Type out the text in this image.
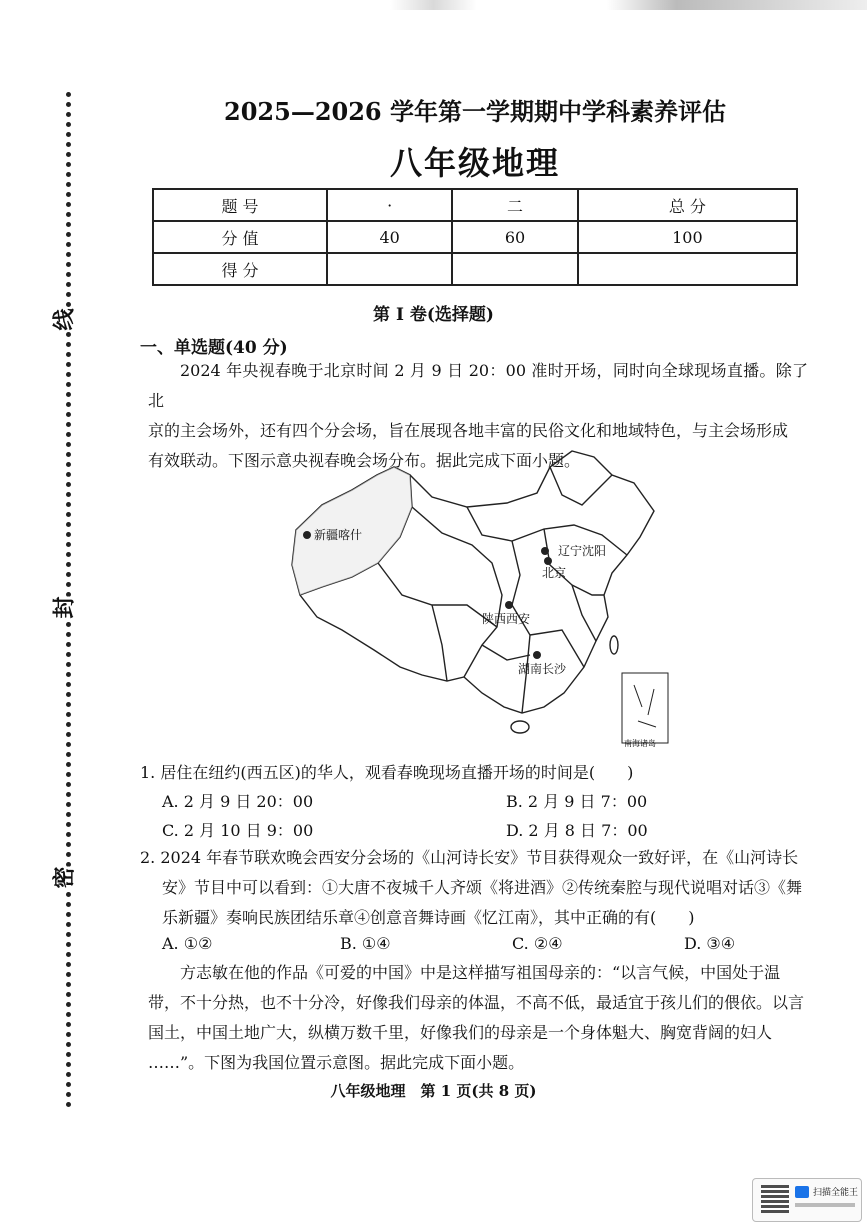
线
封
密
2025—2026 学年第一学期期中学科素养评估
八年级地理
题 号	·	二	总 分
分 值	40	60	100
得 分			
第 I 卷(选择题)
一、单选题(40 分)

2024 年央视春晚于北京时间 2 月 9 日 20：00 准时开场，同时向全球现场直播。除了北

京的主会场外，还有四个分会场，旨在展现各地丰富的民俗文化和地域特色，与主会场形成

有效联动。下图示意央视春晚会场分布。据此完成下面小题。

南海诸岛
新疆喀什
辽宁沈阳
北京
陕西西安
湖南长沙
1. 居住在纽约(西五区)的华人，观看春晚现场直播开场的时间是(　　)
A. 2 月 9 日 20：00	B. 2 月 9 日 7：00
C. 2 月 10 日 9：00	D. 2 月 8 日 7：00

2. 2024 年春节联欢晚会西安分会场的《山河诗长安》节目获得观众一致好评，在《山河诗长

安》节目中可以看到：①大唐不夜城千人齐颂《将进酒》②传统秦腔与现代说唱对话③《舞

乐新疆》奏响民族团结乐章④创意音舞诗画《忆江南》，其中正确的有(　　)

A. ①②	B. ①④	C. ②④	D. ③④

方志敏在他的作品《可爱的中国》中是这样描写祖国母亲的：“以言气候，中国处于温

带，不十分热，也不十分冷，好像我们母亲的体温，不高不低，最适宜于孩儿们的偎依。以言

国土，中国土地广大，纵横万数千里，好像我们的母亲是一个身体魁大、胸宽背阔的妇人

……”。下图为我国位置示意图。据此完成下面小题。

八年级地理　第 1 页(共 8 页)
扫描全能王
